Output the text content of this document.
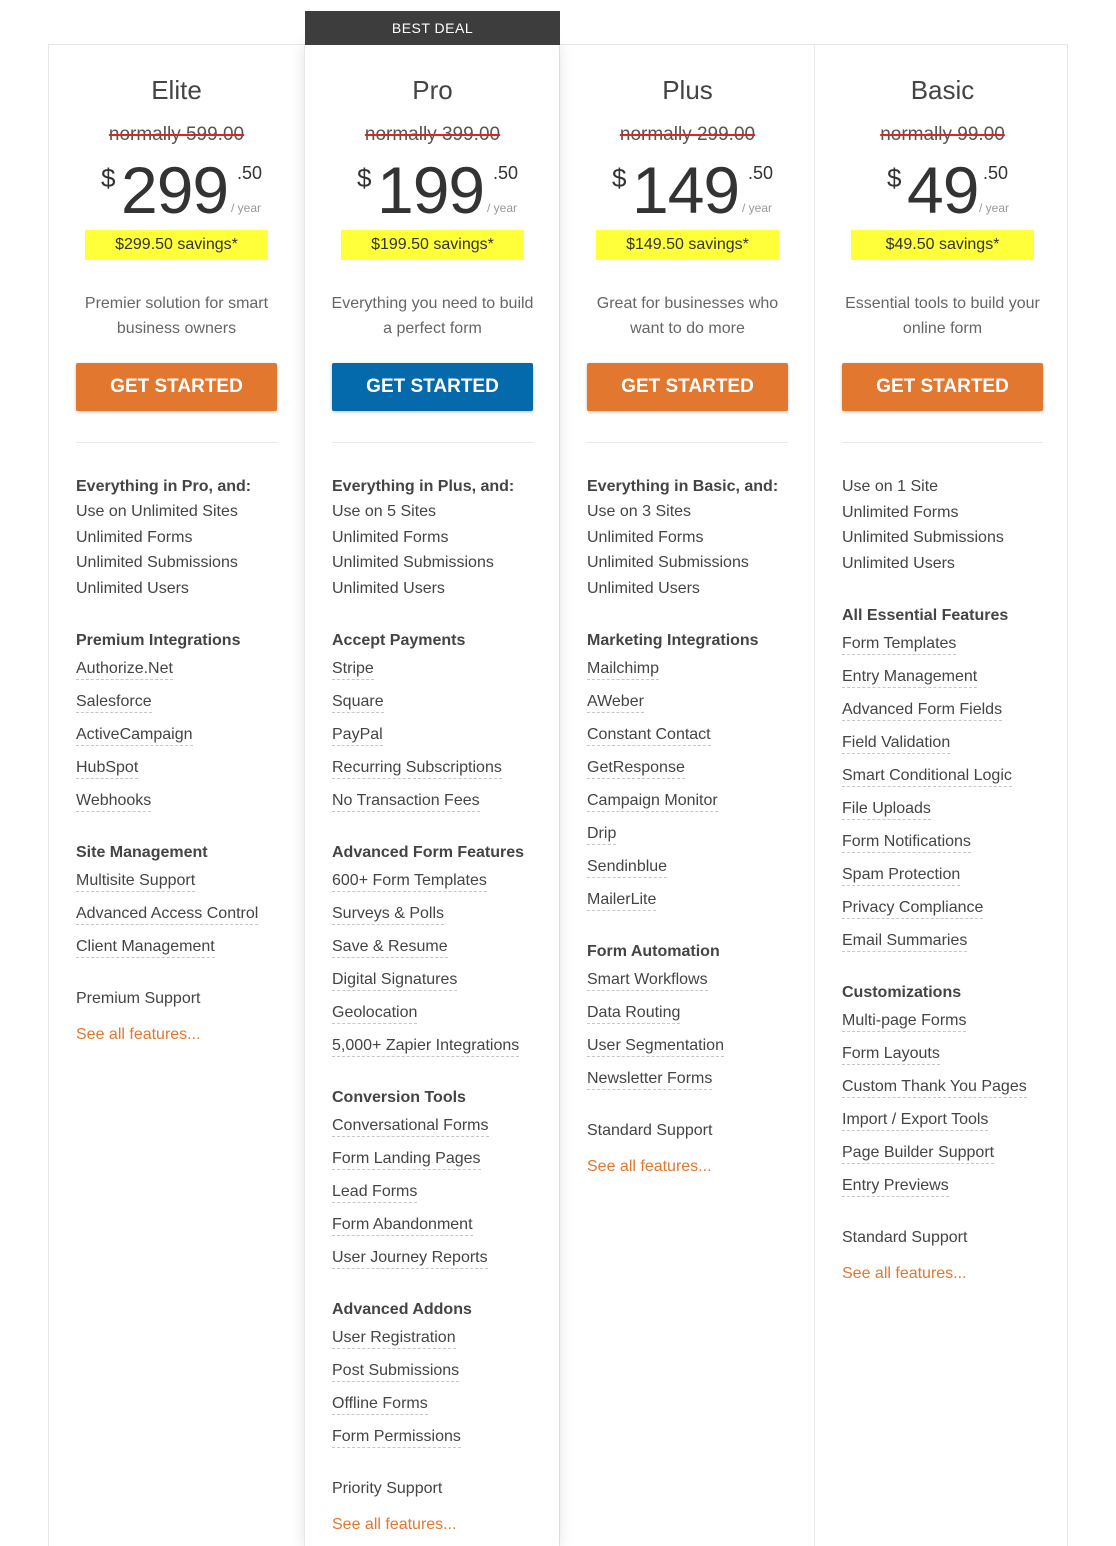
Elite
normally 599.00
$ 299 .50
/ year
$299.50 savings*
Premier solution for smart business owners
GET STARTED
Everything in Pro, and:
Use on Unlimited Sites
Unlimited Forms
Unlimited Submissions
Unlimited Users
Premium Integrations
Authorize.Net
Salesforce
ActiveCampaign
HubSpot
Webhooks
Site Management
Multisite Support
Advanced Access Control
Client Management
Premium Support
See all features...
BEST DEAL
Pro
normally 399.00
$ 199 .50
/ year
$199.50 savings*
Everything you need to build a perfect form
GET STARTED
Everything in Plus, and:
Use on 5 Sites
Unlimited Forms
Unlimited Submissions
Unlimited Users
Accept Payments
Stripe
Square
PayPal
Recurring Subscriptions
No Transaction Fees
Advanced Form Features
600+ Form Templates
Surveys & Polls
Save & Resume
Digital Signatures
Geolocation
5,000+ Zapier Integrations
Conversion Tools
Conversational Forms
Form Landing Pages
Lead Forms
Form Abandonment
User Journey Reports
Advanced Addons
User Registration
Post Submissions
Offline Forms
Form Permissions
Priority Support
See all features...
Plus
normally 299.00
$ 149 .50
/ year
$149.50 savings*
Great for businesses who want to do more
GET STARTED
Everything in Basic, and:
Use on 3 Sites
Unlimited Forms
Unlimited Submissions
Unlimited Users
Marketing Integrations
Mailchimp
AWeber
Constant Contact
GetResponse
Campaign Monitor
Drip
Sendinblue
MailerLite
Form Automation
Smart Workflows
Data Routing
User Segmentation
Newsletter Forms
Standard Support
See all features...
Basic
normally 99.00
$ 49 .50
/ year
$49.50 savings*
Essential tools to build your online form
GET STARTED
Use on 1 Site
Unlimited Forms
Unlimited Submissions
Unlimited Users
All Essential Features
Form Templates
Entry Management
Advanced Form Fields
Field Validation
Smart Conditional Logic
File Uploads
Form Notifications
Spam Protection
Privacy Compliance
Email Summaries
Customizations
Multi-page Forms
Form Layouts
Custom Thank You Pages
Import / Export Tools
Page Builder Support
Entry Previews
Standard Support
See all features...
